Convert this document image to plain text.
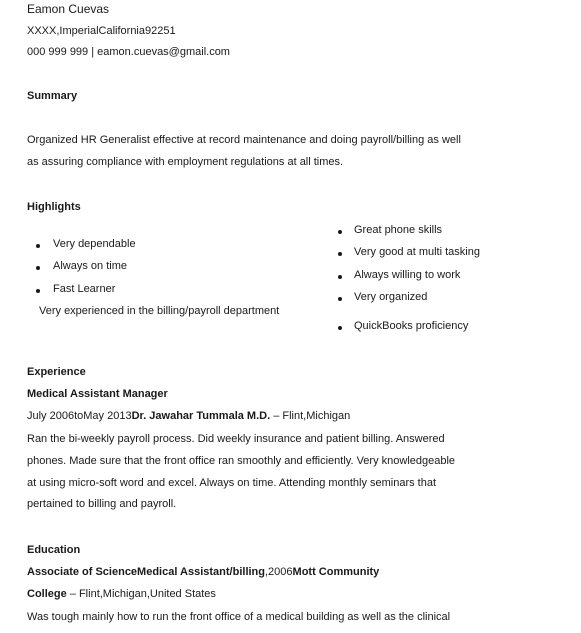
Eamon Cuevas
XXXX,ImperialCalifornia92251
000 999 999 | eamon.cuevas@gmail.com
Summary
Organized HR Generalist effective at record maintenance and doing payroll/billing as well
as assuring compliance with employment regulations at all times.
Highlights
Very dependable
Always on time
Fast Learner
Very experienced in the billing/payroll department
Great phone skills
Very good at multi tasking
Always willing to work
Very organized
QuickBooks proficiency
Experience
Medical Assistant Manager
July 2006toMay 2013Dr. Jawahar Tummala M.D. – Flint,Michigan
Ran the bi-weekly payroll process. Did weekly insurance and patient billing. Answered
phones. Made sure that the front office ran smoothly and efficiently. Very knowledgeable
at using micro-soft word and excel. Always on time. Attending monthly seminars that
pertained to billing and payroll.
Education
Associate of ScienceMedical Assistant/billing,2006Mott Community
College – Flint,Michigan,United States
Was tough mainly how to run the front office of a medical building as well as the clinical
